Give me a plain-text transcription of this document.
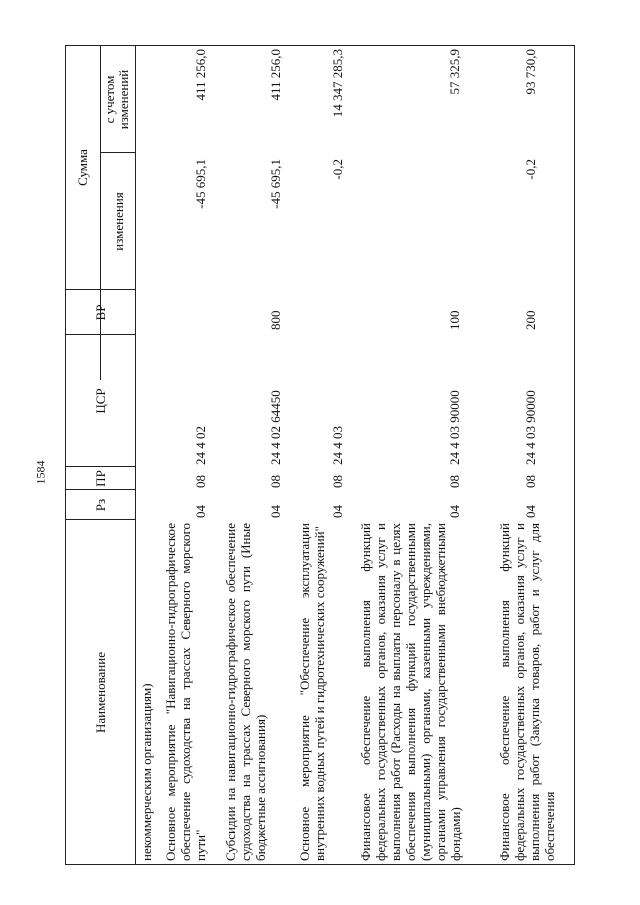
1584
Наименование
Рз
ПР
ЦСР
ВР
Сумма
изменения
с учетом изменений
некоммерческим организациям) Основное мероприятие "Навигационно-гидрографическое обеспечение судоходства на трассах Северного морского пути"
04
08
24 4 02
-45 695,1
411 256,0
Субсидии на навигационно-гидрографическое обеспечение судоходства на трассах Северного морского пути (Иные бюджетные ассигнования)
04
08
24 4 02 64450
800
-45 695,1
411 256,0
Основное мероприятие "Обеспечение эксплуатации внутренних водных путей и гидротехнических сооружений"
04
08
24 4 03
-0,2
14 347 285,3
Финансовое обеспечение выполнения функций федеральных государственных органов, оказания услуг и выполнения работ (Расходы на выплаты персоналу в целях обеспечения выполнения функций государственными (муниципальными) органами, казенными учреждениями, органами управления государственными внебюджетными фондами)
04
08
24 4 03 90000
100
57 325,9
Финансовое обеспечение выполнения функций федеральных государственных органов, оказания услуг и выполнения работ (Закупка товаров, работ и услуг для обеспечения
04
08
24 4 03 90000
200
-0,2
93 730,0
